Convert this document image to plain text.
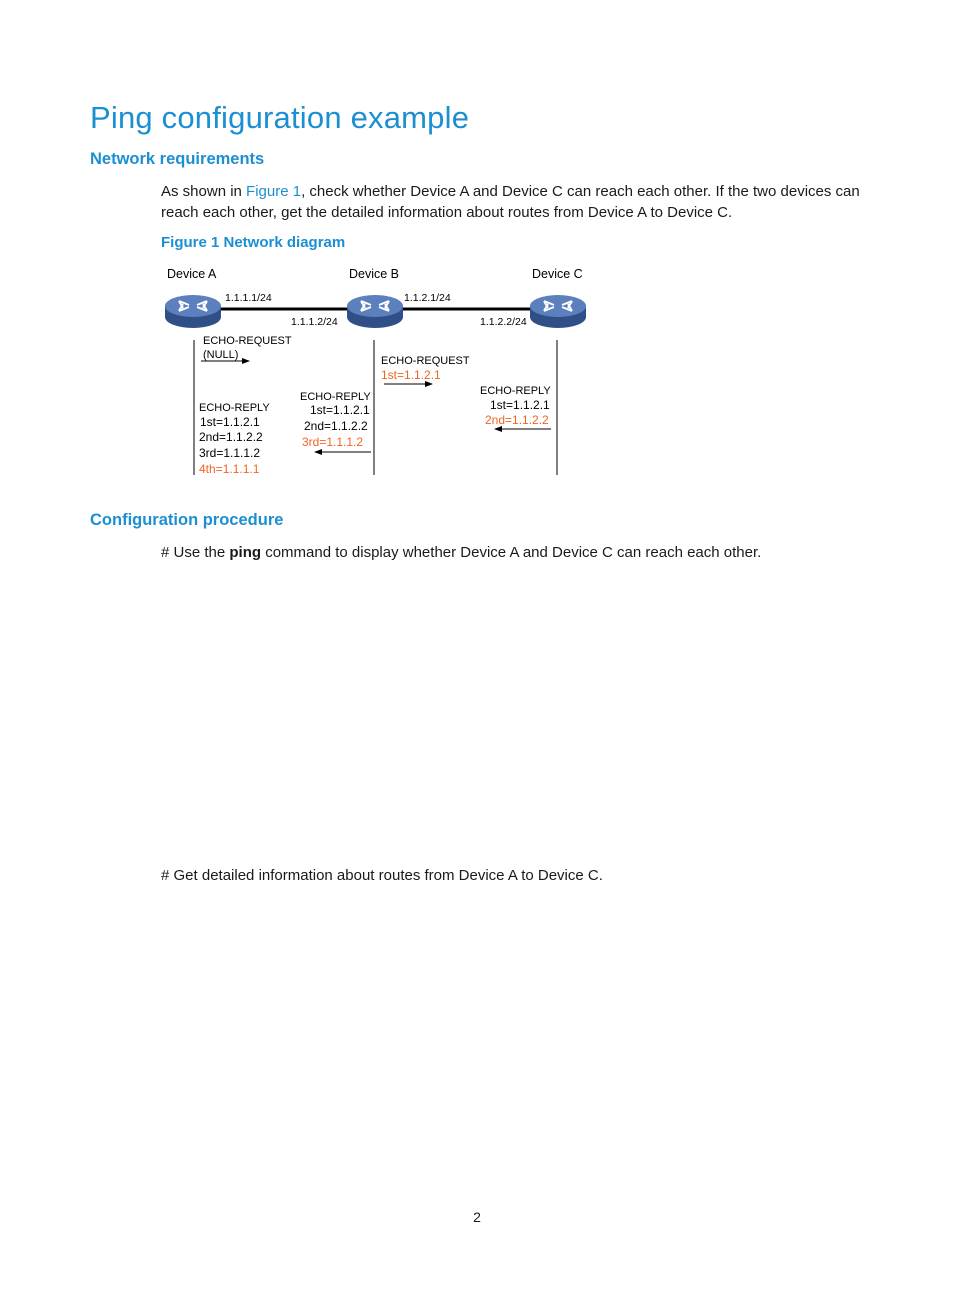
Ping configuration example
Network requirements
As shown in Figure 1, check whether Device A and Device C can reach each other. If the two devices can
reach each other, get the detailed information about routes from Device A to Device C.
Figure 1 Network diagram
Device A	Device B	Device C
1.1.1.1/24
1.1.1.2/24
1.1.2.1/24
1.1.2.2/24
ECHO-REQUEST
(NULL)	ECHO-REQUEST
1st=1.1.2.1
ECHO-REPLY
1st=1.1.2.1
2nd=1.1.2.2
ECHO-REPLY
1st=1.1.2.1
2nd=1.1.2.2
3rd=1.1.1.2
ECHO-REPLY
1st=1.1.2.1
2nd=1.1.2.2
3rd=1.1.1.2
4th=1.1.1.1
Configuration procedure
# Use the ping command to display whether Device A and Device C can reach each other.
# Get detailed information about routes from Device A to Device C.
2
